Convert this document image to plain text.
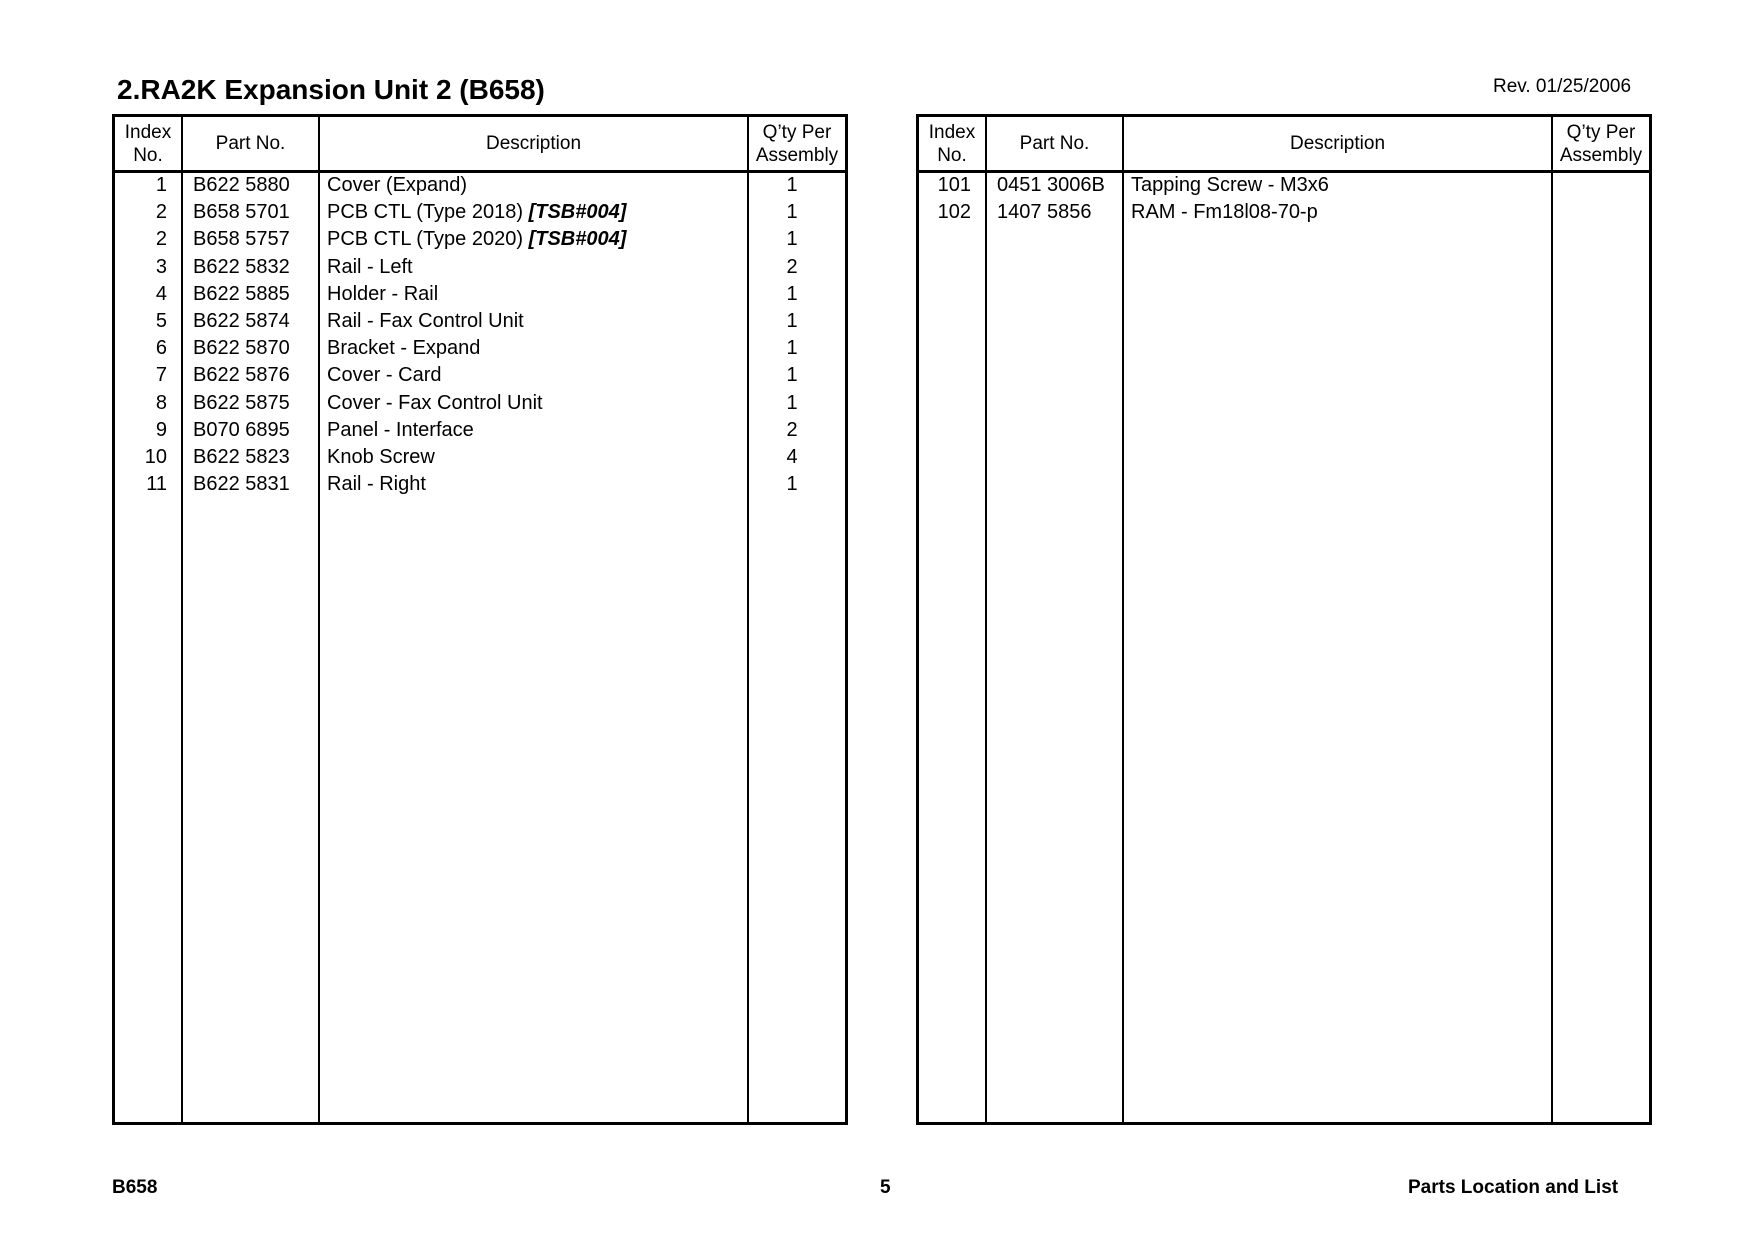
2.RA2K Expansion Unit 2 (B658)	Rev. 01/25/2006
Index
No.
Part No.	Description
Q’ty Per
Assembly
1 B622 5880	Cover (Expand)	1
2 B658 5701	PCB CTL (Type 2018) [TSB#004]	1
2 B658 5757	PCB CTL (Type 2020) [TSB#004]	1
3 B622 5832	Rail - Left	2
4 B622 5885	Holder - Rail	1
5 B622 5874	Rail - Fax Control Unit	1
6 B622 5870	Bracket - Expand	1
7 B622 5876	Cover - Card	1
8 B622 5875	Cover - Fax Control Unit	1
9 B070 6895	Panel - Interface	2
10 B622 5823	Knob Screw	4
11 B622 5831	Rail - Right	1
Index
No.
Part No.	Description
Q’ty Per
Assembly
101 0451 3006B	Tapping Screw - M3x6
102 1407 5856	RAM - Fm18l08-70-p
B658	5	Parts Location and List
